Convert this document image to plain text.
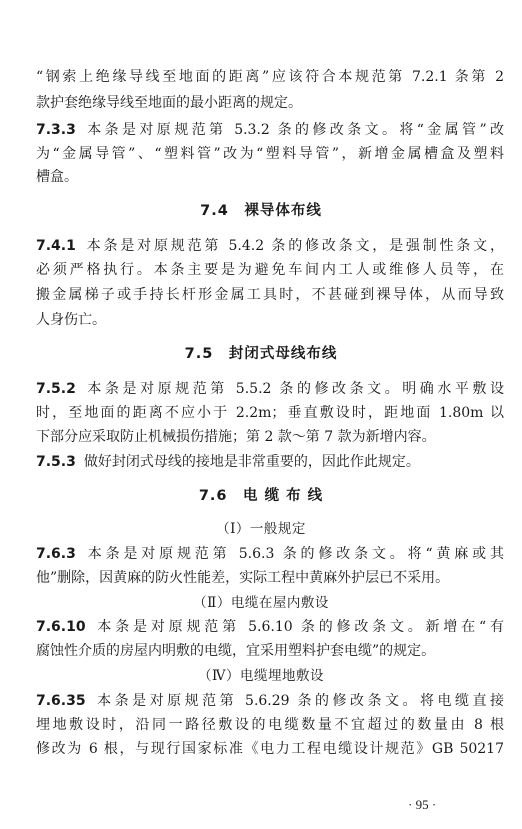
“钢索上绝缘导线至地面的距离”应该符合本规范第 7.2.1 条第 2
款护套绝缘导线至地面的最小距离的规定。
7.3.3 本条是对原规范第 5.3.2 条的修改条文。将“金属管”改
为“金属导管”、“塑料管”改为“塑料导管”，新增金属槽盒及塑料
槽盒。
7.4　裸导体布线
7.4.1 本条是对原规范第 5.4.2 条的修改条文，是强制性条文，
必须严格执行。本条主要是为避免车间内工人或维修人员等，在
搬金属梯子或手持长杆形金属工具时，不甚碰到裸导体，从而导致
人身伤亡。
7.5　封闭式母线布线
7.5.2 本条是对原规范第 5.5.2 条的修改条文。明确水平敷设
时，至地面的距离不应小于 2.2m；垂直敷设时，距地面 1.80m 以
下部分应采取防止机械损伤措施；第 2 款～第 7 款为新增内容。
7.5.3 做好封闭式母线的接地是非常重要的，因此作此规定。
7.6　电 缆 布 线
（Ⅰ）一般规定
7.6.3 本条是对原规范第 5.6.3 条的修改条文。将“黄麻或其
他”删除，因黄麻的防火性能差，实际工程中黄麻外护层已不采用。
（Ⅱ）电缆在屋内敷设
7.6.10 本条是对原规范第 5.6.10 条的修改条文。新增在“有
腐蚀性介质的房屋内明敷的电缆，宜采用塑料护套电缆”的规定。
（Ⅳ）电缆埋地敷设
7.6.35 本条是对原规范第 5.6.29 条的修改条文。将电缆直接
埋地敷设时，沿同一路径敷设的电缆数量不宜超过的数量由 8 根
修改为 6 根，与现行国家标准《电力工程电缆设计规范》GB 50217
· 95 ·
